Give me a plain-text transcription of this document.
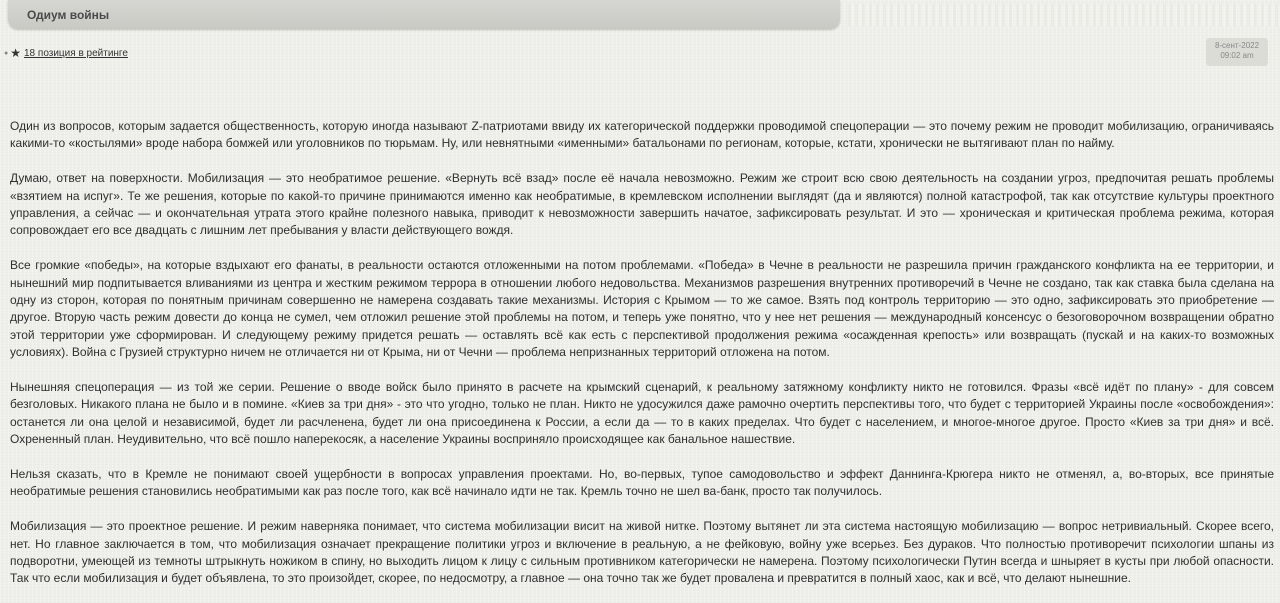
Одиум войны
● ★ 18 позиция в рейтинге
8-сент-2022
09:02 am

Один из вопросов, которым задается общественность, которую иногда называют Z-патриотами ввиду их категорической поддержки проводимой спецоперации — это почему режим не проводит мобилизацию, ограничиваясь какими-то «костылями» вроде набора бомжей или уголовников по тюрьмам. Ну, или невнятными «именными» батальонами по регионам, которые, кстати, хронически не вытягивают план по найму.

Думаю, ответ на поверхности. Мобилизация — это необратимое решение. «Вернуть всё взад» после её начала невозможно. Режим же строит всю свою деятельность на создании угроз, предпочитая решать проблемы «взятием на испуг». Те же решения, которые по какой-то причине принимаются именно как необратимые, в кремлевском исполнении выглядят (да и являются) полной катастрофой, так как отсутствие культуры проектного управления, а сейчас — и окончательная утрата этого крайне полезного навыка, приводит к невозможности завершить начатое, зафиксировать результат. И это — хроническая и критическая проблема режима, которая сопровождает его все двадцать с лишним лет пребывания у власти действующего вождя.

Все громкие «победы», на которые вздыхают его фанаты, в реальности остаются отложенными на потом проблемами. «Победа» в Чечне в реальности не разрешила причин гражданского конфликта на ее территории, и нынешний мир подпитывается вливаниями из центра и жестким режимом террора в отношении любого недовольства. Механизмов разрешения внутренних противоречий в Чечне не создано, так как ставка была сделана на одну из сторон, которая по понятным причинам совершенно не намерена создавать такие механизмы. История с Крымом — то же самое. Взять под контроль территорию — это одно, зафиксировать это приобретение — другое. Вторую часть режим довести до конца не сумел, чем отложил решение этой проблемы на потом, и теперь уже понятно, что у нее нет решения — международный консенсус о безоговорочном возвращении обратно этой территории уже сформирован. И следующему режиму придется решать — оставлять всё как есть с перспективой продолжения режима «осажденная крепость» или возвращать (пускай и на каких-то возможных условиях). Война с Грузией структурно ничем не отличается ни от Крыма, ни от Чечни — проблема непризнанных территорий отложена на потом.

Нынешняя спецоперация — из той же серии. Решение о вводе войск было принято в расчете на крымский сценарий, к реальному затяжному конфликту никто не готовился. Фразы «всё идёт по плану» - для совсем безголовых. Никакого плана не было и в помине. «Киев за три дня» - это что угодно, только не план. Никто не удосужился даже рамочно очертить перспективы того, что будет с территорией Украины после «освобождения»: останется ли она целой и независимой, будет ли расчленена, будет ли она присоединена к России, а если да — то в каких пределах. Что будет с населением, и многое-многое другое. Просто «Киев за три дня» и всё. Охрененный план. Неудивительно, что всё пошло наперекосяк, а население Украины восприняло происходящее как банальное нашествие.

Нельзя сказать, что в Кремле не понимают своей ущербности в вопросах управления проектами. Но, во-первых, тупое самодовольство и эффект Даннинга-Крюгера никто не отменял, а, во-вторых, все принятые необратимые решения становились необратимыми как раз после того, как всё начинало идти не так. Кремль точно не шел ва-банк, просто так получилось.

Мобилизация — это проектное решение. И режим наверняка понимает, что система мобилизации висит на живой нитке. Поэтому вытянет ли эта система настоящую мобилизацию — вопрос нетривиальный. Скорее всего, нет. Но главное заключается в том, что мобилизация означает прекращение политики угроз и включение в реальную, а не фейковую, войну уже всерьез. Без дураков. Что полностью противоречит психологии шпаны из подворотни, умеющей из темноты штрыкнуть ножиком в спину, но выходить лицом к лицу с сильным противником категорически не намерена. Поэтому психологически Путин всегда и шныряет в кусты при любой опасности. Так что если мобилизация и будет объявлена, то это произойдет, скорее, по недосмотру, а главное — она точно так же будет провалена и превратится в полный хаос, как и всё, что делают нынешние.
